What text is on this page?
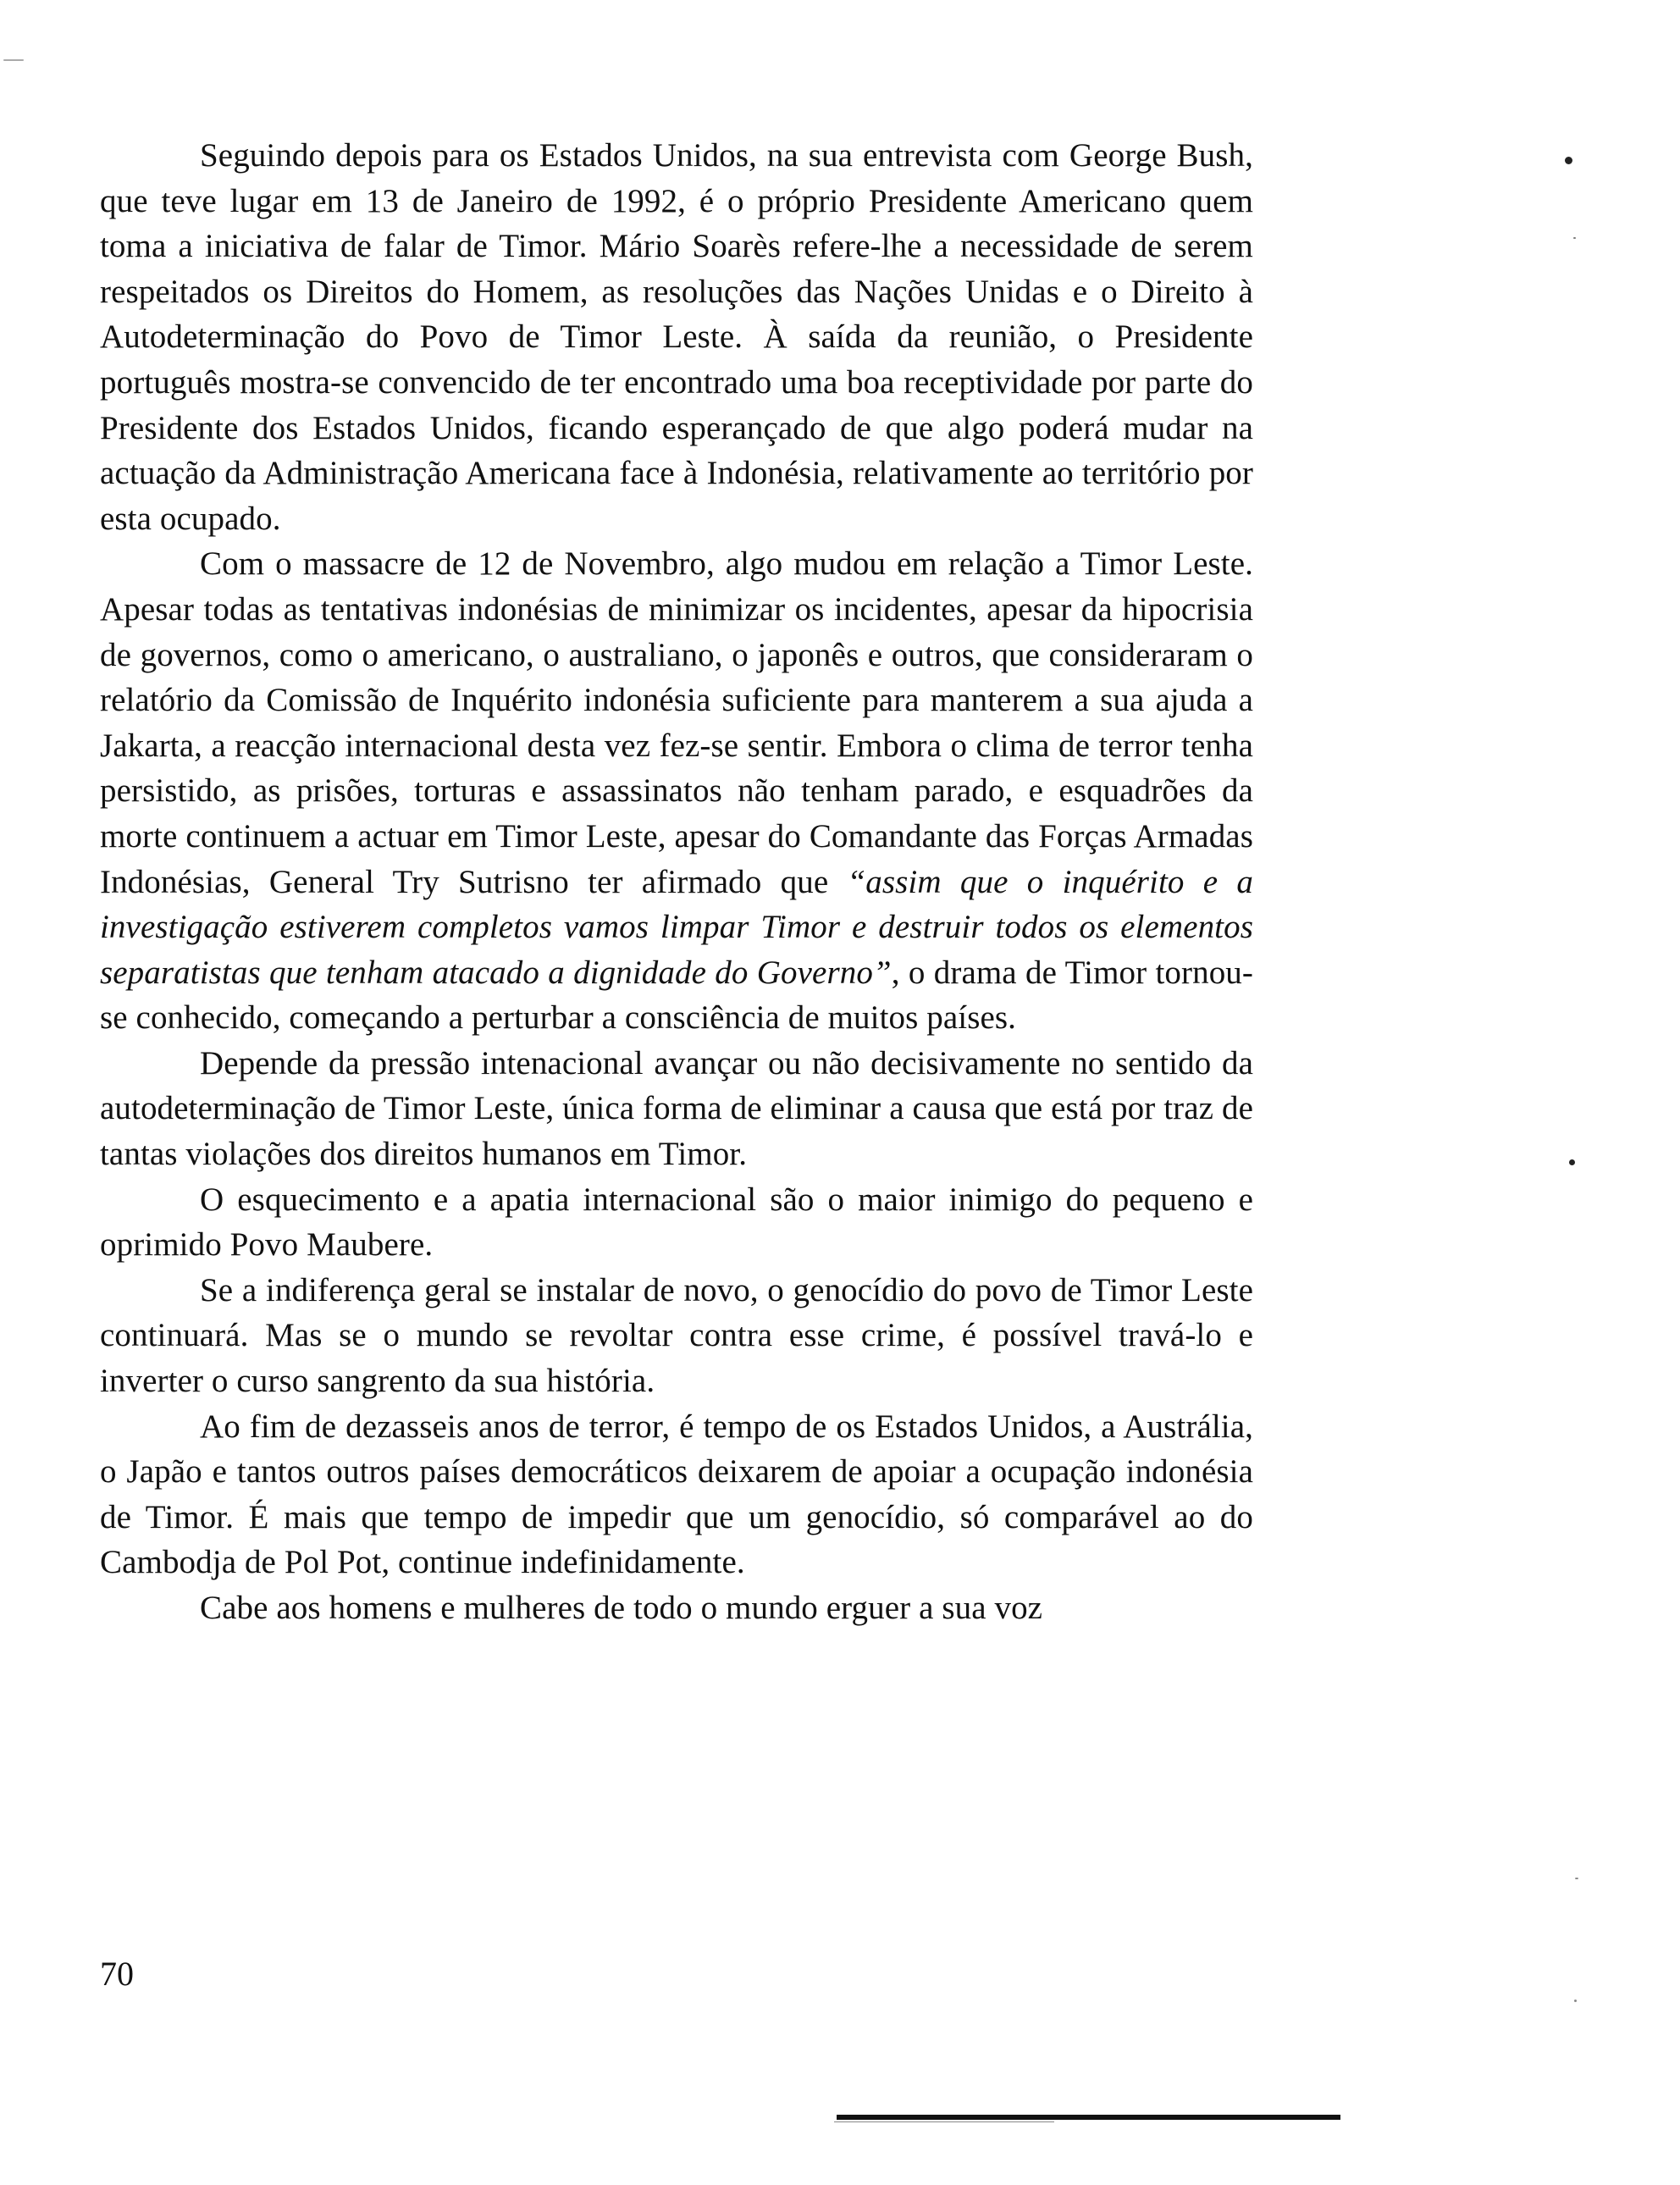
Seguindo depois para os Estados Unidos, na sua entrevista com George Bush, que teve lugar em 13 de Janeiro de 1992, é o próprio Presidente Americano quem toma a iniciativa de falar de Timor. Mário Soarès refere-lhe a necessidade de serem respeitados os Direitos do Homem, as resoluções das Nações Unidas e o Direito à Autodeterminação do Povo de Timor Leste. À saída da reunião, o Presidente português mostra-se convencido de ter encontrado uma boa receptividade por parte do Presidente dos Estados Unidos, ficando esperançado de que algo poderá mudar na actuação da Administração Americana face à Indonésia, relativamente ao território por esta ocupado.

Com o massacre de 12 de Novembro, algo mudou em relação a Timor Leste. Apesar todas as tentativas indonésias de minimizar os incidentes, apesar da hipocrisia de governos, como o americano, o australiano, o japonês e outros, que consideraram o relatório da Comissão de Inquérito indonésia suficiente para manterem a sua ajuda a Jakarta, a reacção internacional desta vez fez-se sentir. Embora o clima de terror tenha persistido, as prisões, torturas e assassinatos não tenham parado, e esquadrões da morte continuem a actuar em Timor Leste, apesar do Comandante das Forças Armadas Indonésias, General Try Sutrisno ter afirmado que “assim que o inquérito e a investigação estiverem completos vamos limpar Timor e destruir todos os elementos separatistas que tenham atacado a dignidade do Governo”, o drama de Timor tornou-se conhecido, começando a perturbar a consciência de muitos países.

Depende da pressão intenacional avançar ou não decisivamente no sentido da autodeterminação de Timor Leste, única forma de eliminar a causa que está por traz de tantas violações dos direitos humanos em Timor.

O esquecimento e a apatia internacional são o maior inimigo do pequeno e oprimido Povo Maubere.

Se a indiferença geral se instalar de novo, o genocídio do povo de Timor Leste continuará. Mas se o mundo se revoltar contra esse crime, é possível travá-lo e inverter o curso sangrento da sua história.

Ao fim de dezasseis anos de terror, é tempo de os Estados Unidos, a Austrália, o Japão e tantos outros países democráticos deixarem de apoiar a ocupação indonésia de Timor. É mais que tempo de impedir que um genocídio, só comparável ao do Cambodja de Pol Pot, continue indefinidamente.

Cabe aos homens e mulheres de todo o mundo erguer a sua voz

70
